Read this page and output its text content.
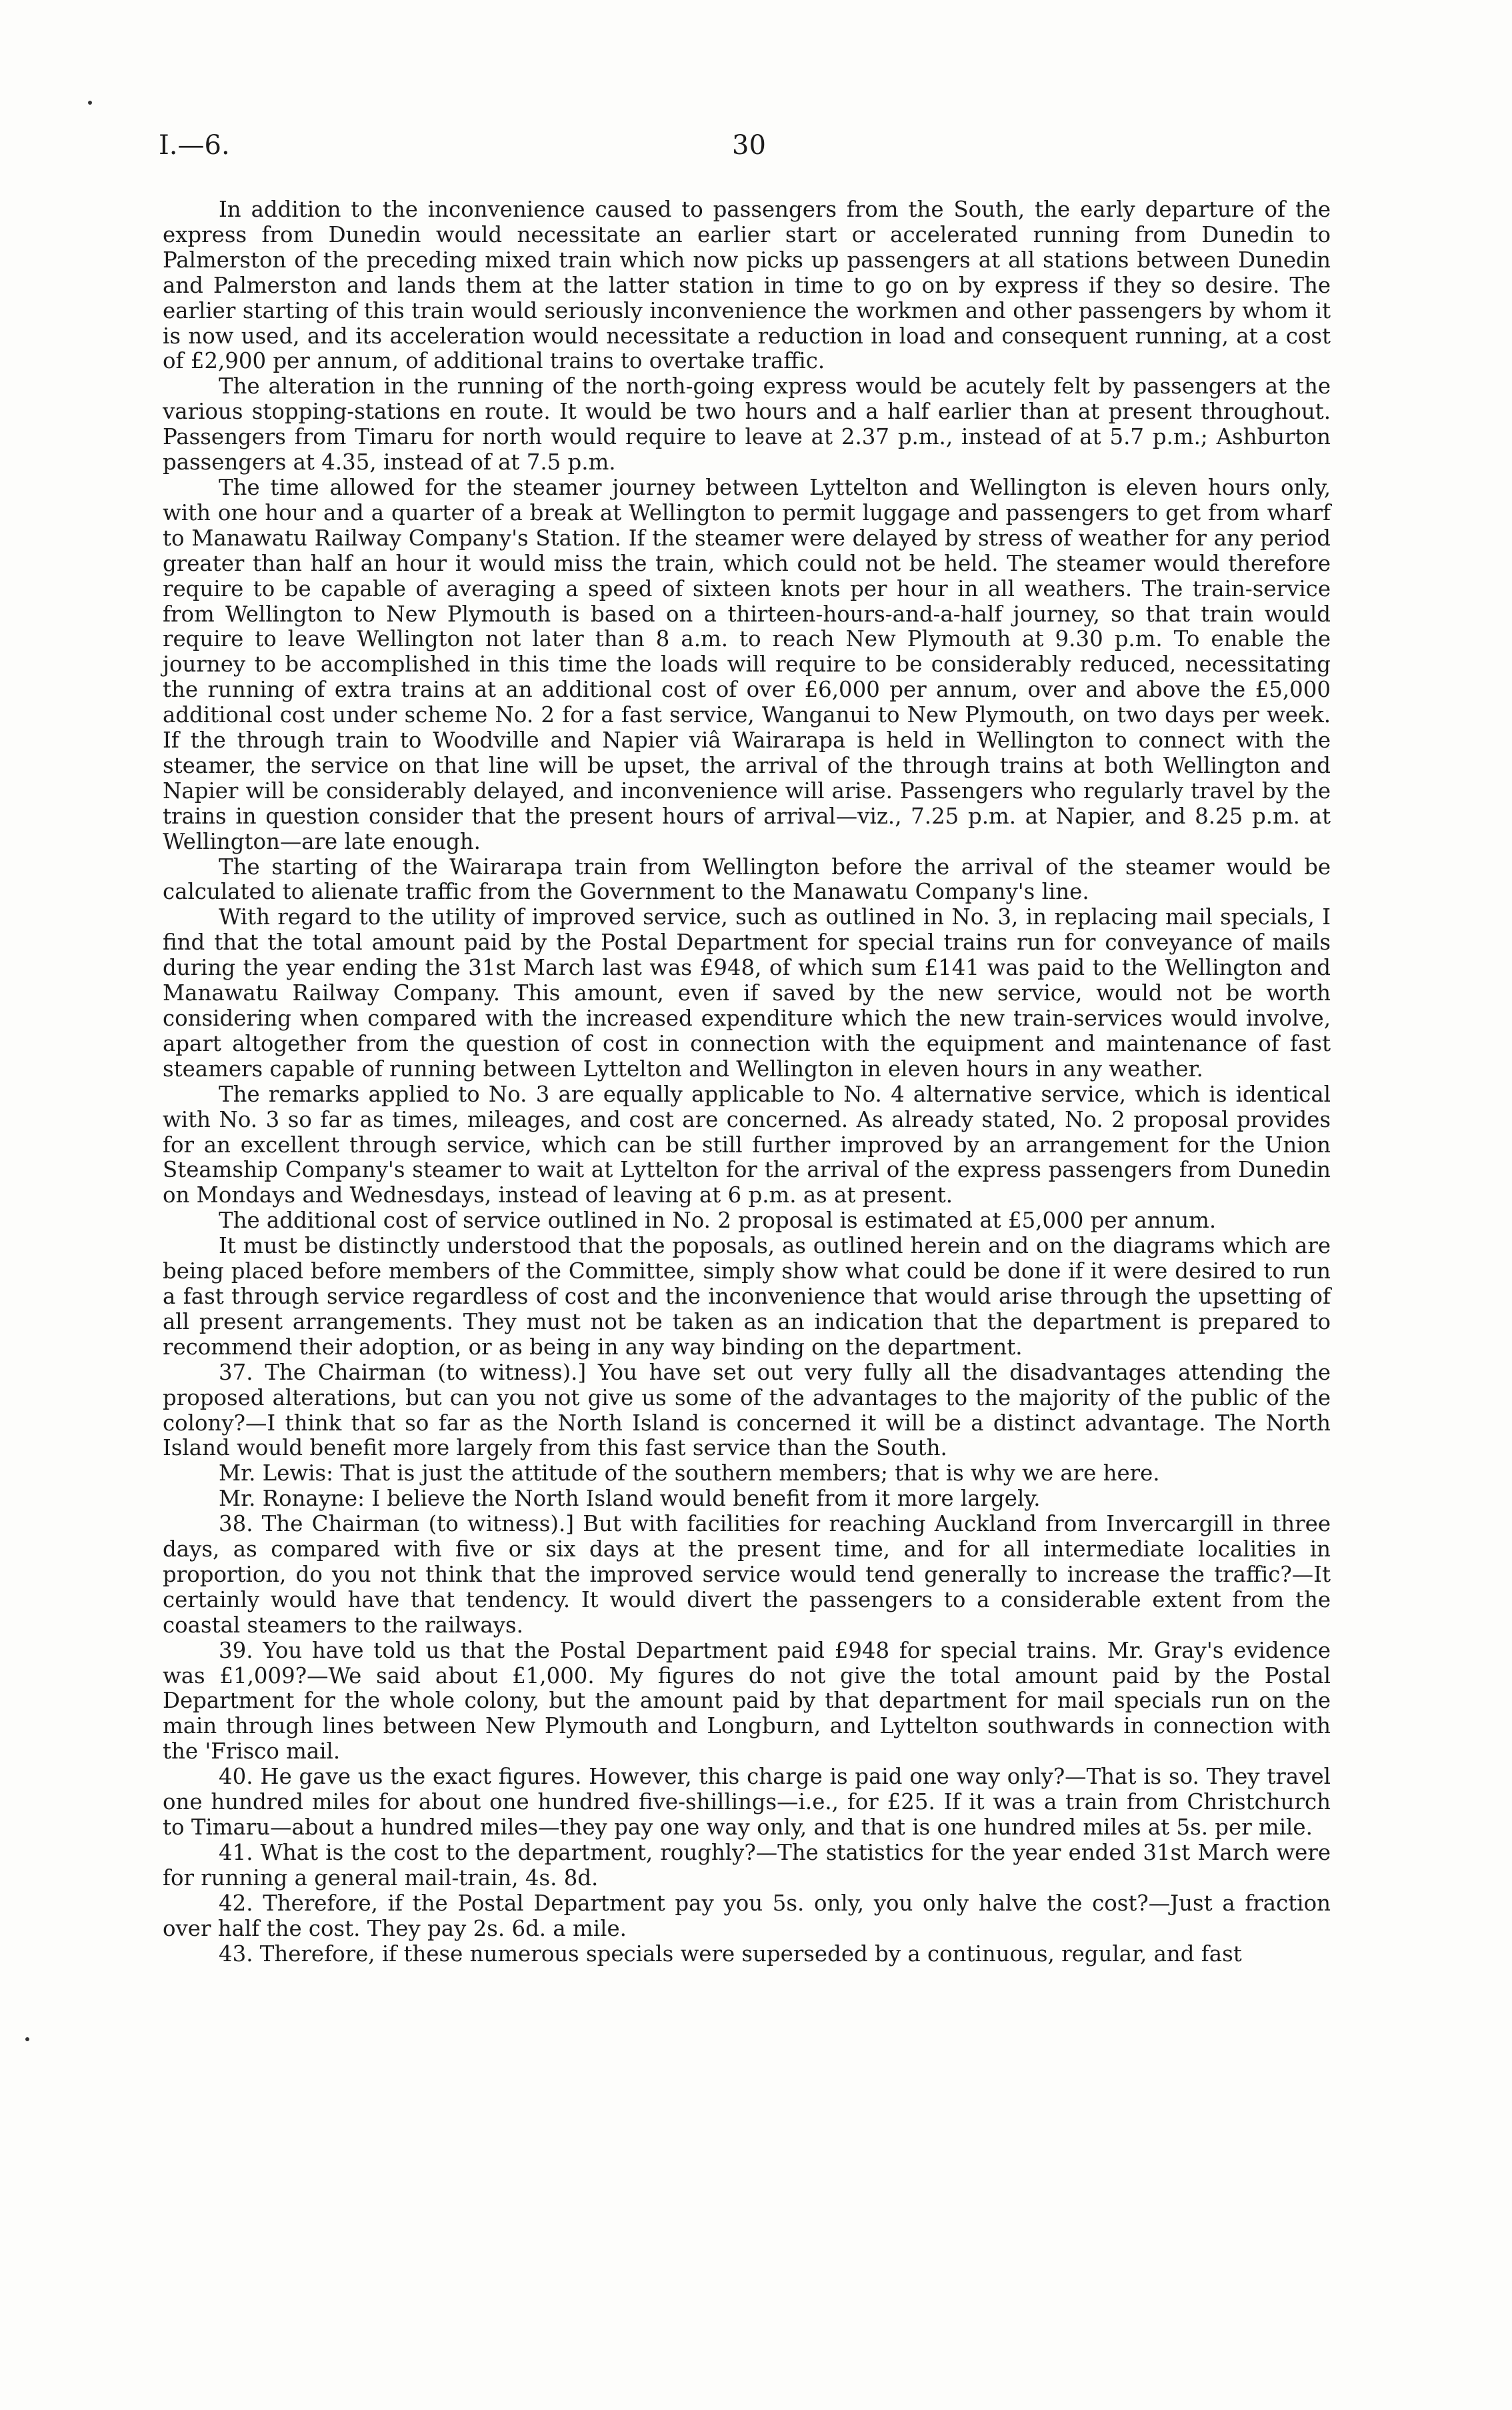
I.—6.	30

In addition to the inconvenience caused to passengers from the South, the early departure of the express from Dunedin would necessitate an earlier start or accelerated running from Dunedin to Palmerston of the preceding mixed train which now picks up passengers at all stations between Dunedin and Palmerston and lands them at the latter station in time to go on by express if they so desire. The earlier starting of this train would seriously inconvenience the workmen and other passengers by whom it is now used, and its acceleration would necessitate a reduction in load and consequent running, at a cost of £2,900 per annum, of additional trains to overtake traffic.

The alteration in the running of the north-going express would be acutely felt by passengers at the various stopping-stations en route. It would be two hours and a half earlier than at present throughout. Passengers from Timaru for north would require to leave at 2.37 p.m., instead of at 5.7 p.m.; Ashburton passengers at 4.35, instead of at 7.5 p.m.

The time allowed for the steamer journey between Lyttelton and Wellington is eleven hours only, with one hour and a quarter of a break at Wellington to permit luggage and passengers to get from wharf to Manawatu Railway Company's Station. If the steamer were delayed by stress of weather for any period greater than half an hour it would miss the train, which could not be held. The steamer would therefore require to be capable of averaging a speed of sixteen knots per hour in all weathers. The train-service from Wellington to New Plymouth is based on a thirteen-hours-and-a-half journey, so that train would require to leave Wellington not later than 8 a.m. to reach New Plymouth at 9.30 p.m. To enable the journey to be accomplished in this time the loads will require to be considerably reduced, necessitating the running of extra trains at an additional cost of over £6,000 per annum, over and above the £5,000 additional cost under scheme No. 2 for a fast service, Wanganui to New Plymouth, on two days per week. If the through train to Woodville and Napier viâ Wairarapa is held in Wellington to connect with the steamer, the service on that line will be upset, the arrival of the through trains at both Wellington and Napier will be considerably delayed, and inconvenience will arise. Passengers who regularly travel by the trains in question consider that the present hours of arrival—viz., 7.25 p.m. at Napier, and 8.25 p.m. at Wellington—are late enough.

The starting of the Wairarapa train from Wellington before the arrival of the steamer would be calculated to alienate traffic from the Government to the Manawatu Company's line.

With regard to the utility of improved service, such as outlined in No. 3, in replacing mail specials, I find that the total amount paid by the Postal Department for special trains run for conveyance of mails during the year ending the 31st March last was £948, of which sum £141 was paid to the Wellington and Manawatu Railway Company. This amount, even if saved by the new service, would not be worth considering when compared with the increased expenditure which the new train-services would involve, apart altogether from the question of cost in connection with the equipment and maintenance of fast steamers capable of running between Lyttelton and Wellington in eleven hours in any weather.

The remarks applied to No. 3 are equally applicable to No. 4 alternative service, which is identical with No. 3 so far as times, mileages, and cost are concerned. As already stated, No. 2 proposal provides for an excellent through service, which can be still further improved by an arrangement for the Union Steamship Company's steamer to wait at Lyttelton for the arrival of the express passengers from Dunedin on Mondays and Wednesdays, instead of leaving at 6 p.m. as at present.

The additional cost of service outlined in No. 2 proposal is estimated at £5,000 per annum.

It must be distinctly understood that the poposals, as outlined herein and on the diagrams which are being placed before members of the Committee, simply show what could be done if it were desired to run a fast through service regardless of cost and the inconvenience that would arise through the upsetting of all present arrangements. They must not be taken as an indication that the department is prepared to recommend their adoption, or as being in any way binding on the department.

37. The Chairman (to witness).] You have set out very fully all the disadvantages attending the proposed alterations, but can you not give us some of the advantages to the majority of the public of the colony?—I think that so far as the North Island is concerned it will be a distinct advantage. The North Island would benefit more largely from this fast service than the South.

Mr. Lewis: That is just the attitude of the southern members; that is why we are here.

Mr. Ronayne: I believe the North Island would benefit from it more largely.

38. The Chairman (to witness).] But with facilities for reaching Auckland from Invercargill in three days, as compared with five or six days at the present time, and for all intermediate localities in proportion, do you not think that the improved service would tend generally to increase the traffic?—It certainly would have that tendency. It would divert the passengers to a considerable extent from the coastal steamers to the railways.

39. You have told us that the Postal Department paid £948 for special trains. Mr. Gray's evidence was £1,009?—We said about £1,000. My figures do not give the total amount paid by the Postal Department for the whole colony, but the amount paid by that department for mail specials run on the main through lines between New Plymouth and Longburn, and Lyttelton southwards in connection with the 'Frisco mail.

40. He gave us the exact figures. However, this charge is paid one way only?—That is so. They travel one hundred miles for about one hundred five-shillings—i.e., for £25. If it was a train from Christchurch to Timaru—about a hundred miles—they pay one way only, and that is one hundred miles at 5s. per mile.

41. What is the cost to the department, roughly?—The statistics for the year ended 31st March were for running a general mail-train, 4s. 8d.

42. Therefore, if the Postal Department pay you 5s. only, you only halve the cost?—Just a fraction over half the cost. They pay 2s. 6d. a mile.

43. Therefore, if these numerous specials were superseded by a continuous, regular, and fast
